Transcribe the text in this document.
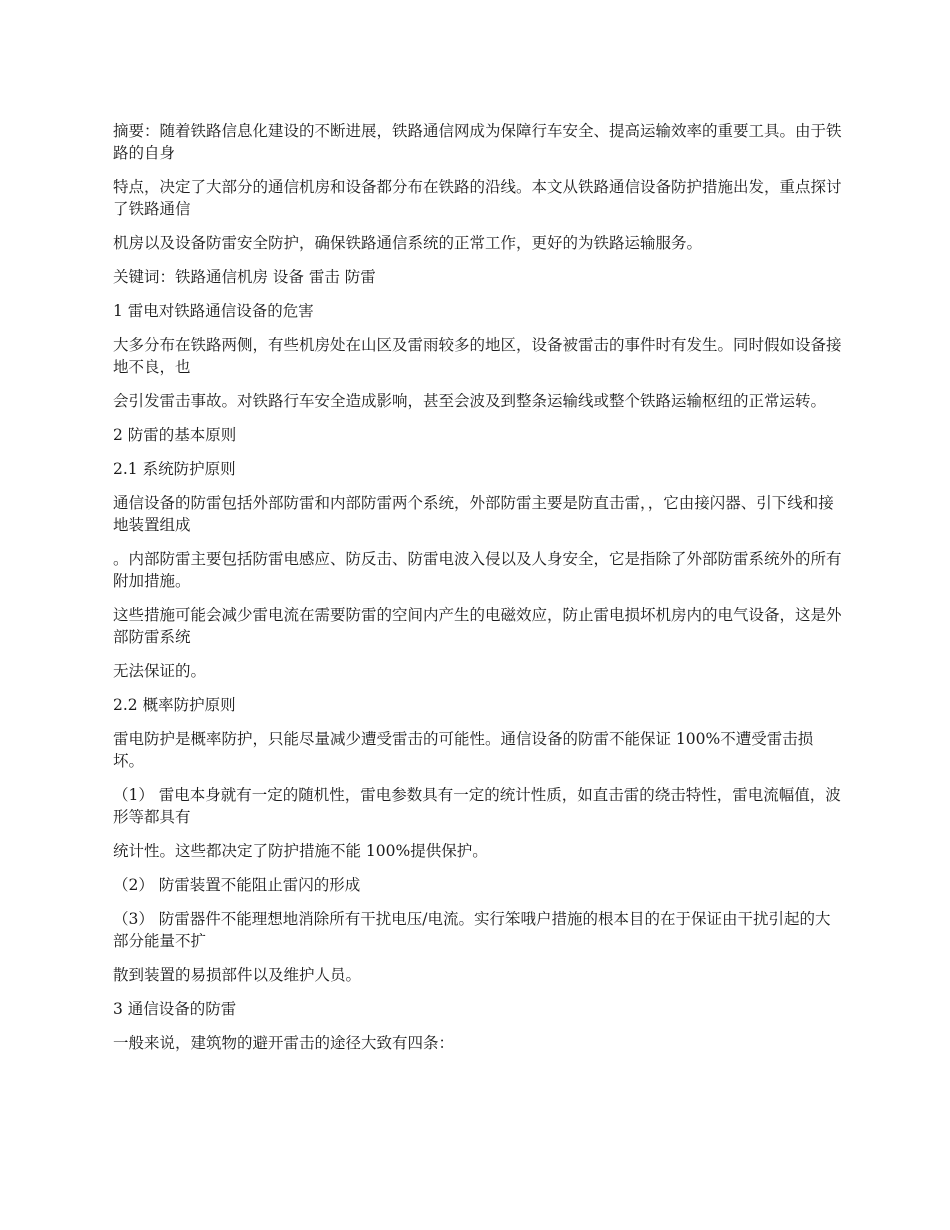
摘要：随着铁路信息化建设的不断进展，铁路通信网成为保障行车安全、提高运输效率的重要工具。由于铁路的自身

特点，决定了大部分的通信机房和设备都分布在铁路的沿线。本文从铁路通信设备防护措施出发，重点探讨了铁路通信

机房以及设备防雷安全防护，确保铁路通信系统的正常工作，更好的为铁路运输服务。

关键词：铁路通信机房 设备 雷击 防雷

1 雷电对铁路通信设备的危害

大多分布在铁路两侧，有些机房处在山区及雷雨较多的地区，设备被雷击的事件时有发生。同时假如设备接地不良，也

会引发雷击事故。对铁路行车安全造成影响，甚至会波及到整条运输线或整个铁路运输枢纽的正常运转。

2 防雷的基本原则

2.1 系统防护原则

通信设备的防雷包括外部防雷和内部防雷两个系统，外部防雷主要是防直击雷，，它由接闪器、引下线和接地装置组成

。内部防雷主要包括防雷电感应、防反击、防雷电波入侵以及人身安全，它是指除了外部防雷系统外的所有附加措施。

这些措施可能会减少雷电流在需要防雷的空间内产生的电磁效应，防止雷电损坏机房内的电气设备，这是外部防雷系统

无法保证的。

2.2 概率防护原则

雷电防护是概率防护，只能尽量减少遭受雷击的可能性。通信设备的防雷不能保证 100%不遭受雷击损坏。

（1） 雷电本身就有一定的随机性，雷电参数具有一定的统计性质，如直击雷的绕击特性，雷电流幅值，波形等都具有

统计性。这些都决定了防护措施不能 100%提供保护。

（2） 防雷装置不能阻止雷闪的形成

（3） 防雷器件不能理想地消除所有干扰电压/电流。实行笨哦户措施的根本目的在于保证由干扰引起的大部分能量不扩

散到装置的易损部件以及维护人员。

3 通信设备的防雷

一般来说，建筑物的避开雷击的途径大致有四条：
